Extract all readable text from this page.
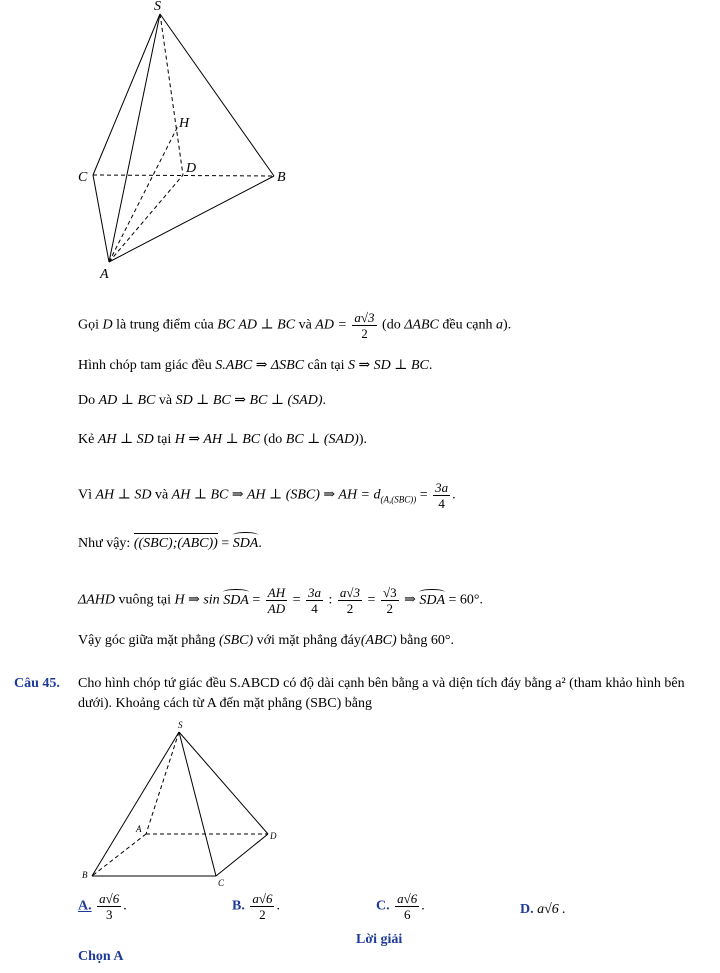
S
H
C
D
B
A
Gọi D là trung điểm của BC AD ⊥ BC và AD = $\frac{a√3}{2} (do$ ΔABC đều cạnh a).
Hình chóp tam giác đều S.ABC ⇒ ΔSBC cân tại S ⇒ SD ⊥ BC.
Do AD ⊥ BC và SD ⊥ BC ⇒ BC ⊥ (SAD).
Kẻ AH ⊥ SD tại H ⇒ AH ⊥ BC (do BC ⊥ (SAD)).
Vì AH ⊥ SD và AH ⊥ BC ⇒ AH ⊥ (SBC) ⇒ AH = $d_{(A,(SBC))} = \frac{3a}{4}$ .
Như vậy: ((SBC);(ABC)) = SDA.
ΔAHD vuông tại H ⇒ sin SDA = $\frac{AH}{AD} = \frac{3a}{4}$ : $\frac{a√3}{2} = \frac{√3}{2}$ ⇒ SDA = 60°.
Vậy góc giữa mặt phẳng (SBC) với mặt phẳng đáy(ABC) bằng 60°.
Câu 45. Cho hình chóp tứ giác đều S.ABCD có độ dài cạnh bên bằng a và diện tích đáy bằng a² (tham khảo hình bên dưới). Khoảng cách từ A đến mặt phẳng (SBC) bằng
S
A
D
B
C
A. $\frac{a√6}{3}$ .	B. $\frac{a√6}{2}$ .	C. $\frac{a√6}{6}$ .	D. a√6 .
Lời giải
Chọn A
